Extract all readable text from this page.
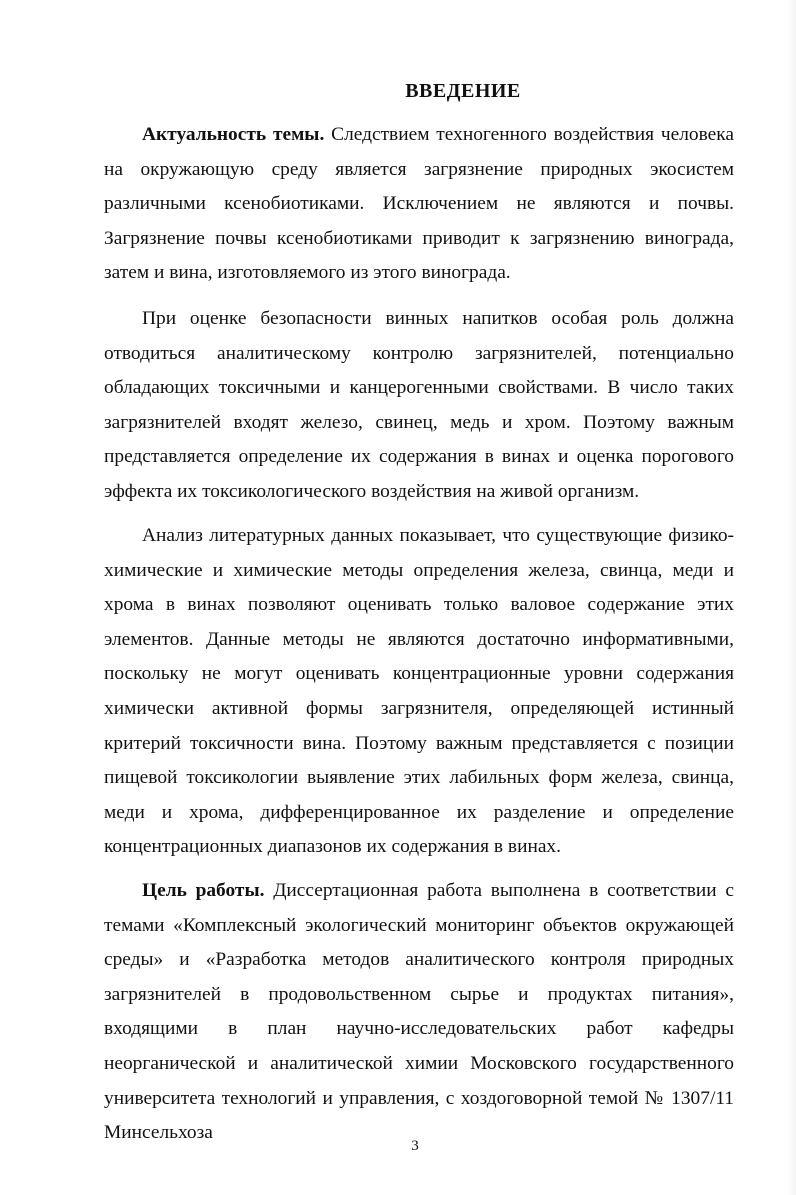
ВВЕДЕНИЕ

Актуальность темы. Следствием техногенного воздействия человека на окружающую среду является загрязнение природных экосистем различными ксенобиотиками. Исключением не являются и почвы. Загрязнение почвы ксенобиотиками приводит к загрязнению винограда, затем и вина, изготовляемого из этого винограда.

При оценке безопасности винных напитков особая роль должна отводиться аналитическому контролю загрязнителей, потенциально обладающих токсичными и канцерогенными свойствами. В число таких загрязнителей входят железо, свинец, медь и хром. Поэтому важным представляется определение их содержания в винах и оценка порогового эффекта их токсикологического воздействия на живой организм.

Анализ литературных данных показывает, что существующие физико-химические и химические методы определения железа, свинца, меди и хрома в винах позволяют оценивать только валовое содержание этих элементов. Данные методы не являются достаточно информативными, поскольку не могут оценивать концентрационные уровни содержания химически активной формы загрязнителя, определяющей истинный критерий токсичности вина. Поэтому важным представляется с позиции пищевой токсикологии выявление этих лабильных форм железа, свинца, меди и хрома, дифференцированное их разделение и определение концентрационных диапазонов их содержания в винах.

Цель работы. Диссертационная работа выполнена в соответствии с темами «Комплексный экологический мониторинг объектов окружающей среды» и «Разработка методов аналитического контроля природных загрязнителей в продовольственном сырье и продуктах питания», входящими в план научно-исследовательских работ кафедры неорганической и аналитической химии Московского государственного университета технологий и управления, с хоздоговорной темой № 1307/11 Минсельхоза

3
